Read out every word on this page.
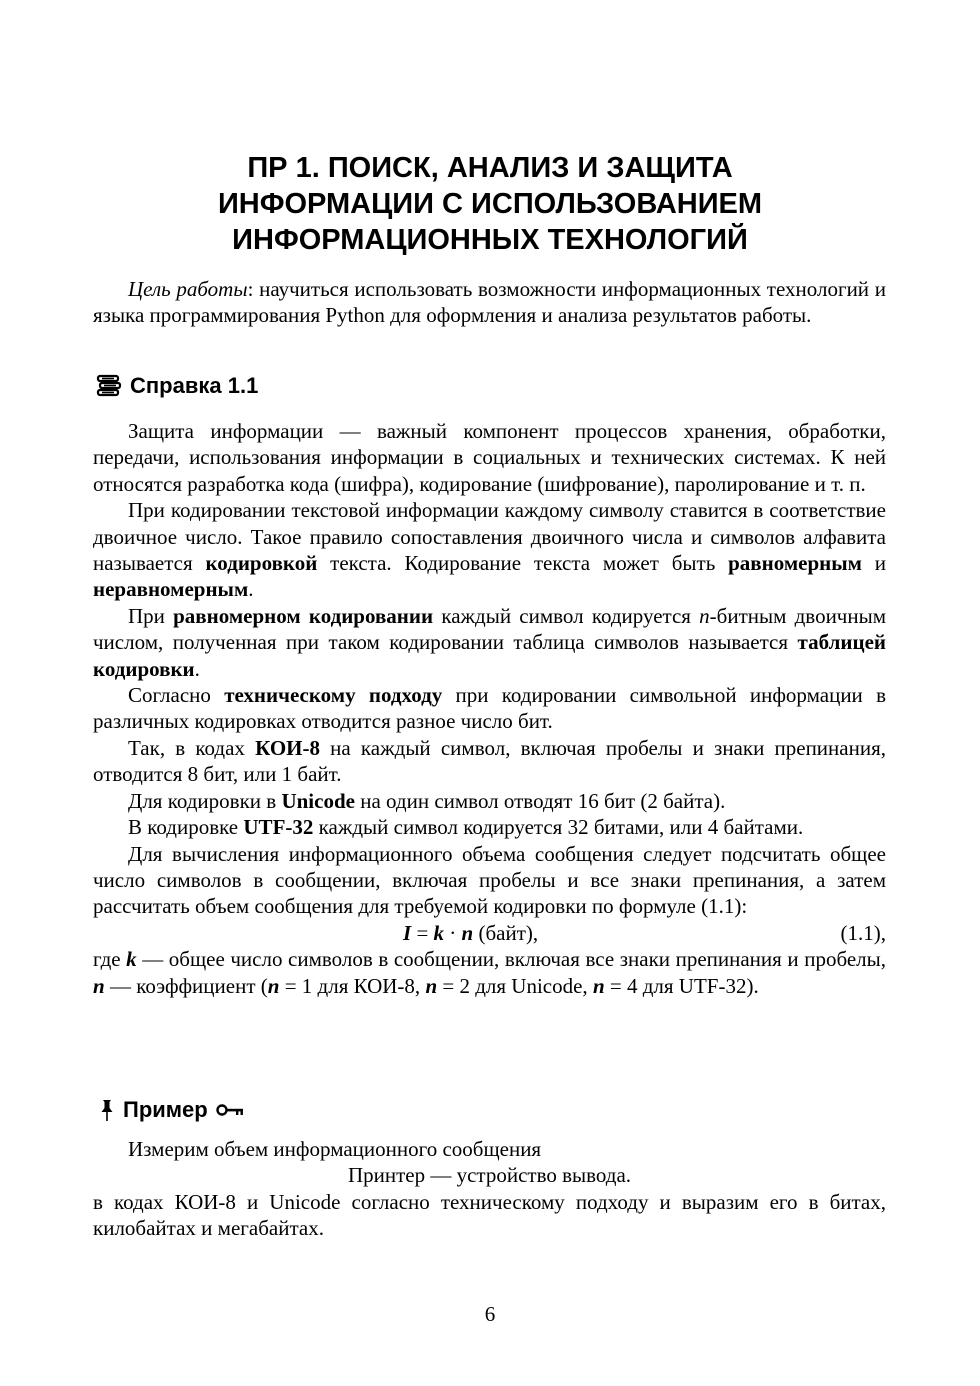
ПР 1. ПОИСК, АНАЛИЗ И ЗАЩИТА
ИНФОРМАЦИИ С ИСПОЛЬЗОВАНИЕМ
ИНФОРМАЦИОННЫХ ТЕХНОЛОГИЙ

Цель работы: научиться использовать возможности информационных технологий и языка программирования Python для оформления и анализа результатов работы.

Справка 1.1

Защита информации — важный компонент процессов хранения, обработки, передачи, использования информации в социальных и технических системах. К ней относятся разработка кода (шифра), кодирование (шифрование), паролирование и т. п.

При кодировании текстовой информации каждому символу ставится в соответствие двоичное число. Такое правило сопоставления двоичного числа и символов алфавита называется кодировкой текста. Кодирование текста может быть равномерным и неравномерным.

При равномерном кодировании каждый символ кодируется n-битным двоичным числом, полученная при таком кодировании таблица символов называется таблицей кодировки.

Согласно техническому подходу при кодировании символьной информации в различных кодировках отводится разное число бит.

Так, в кодах КОИ-8 на каждый символ, включая пробелы и знаки препинания, отводится 8 бит, или 1 байт.

Для кодировки в Unicode на один символ отводят 16 бит (2 байта).

В кодировке UTF-32 каждый символ кодируется 32 битами, или 4 байтами.

Для вычисления информационного объема сообщения следует подсчитать общее число символов в сообщении, включая пробелы и все знаки препинания, а затем рассчитать объем сообщения для требуемой кодировки по формуле (1.1):

I = k · n (байт),	(1.1),

где k — общее число символов в сообщении, включая все знаки препинания и пробелы, n — коэффициент (n = 1 для КОИ-8, n = 2 для Unicode, n = 4 для UTF-32).

Пример

Измерим объем информационного сообщения

Принтер — устройство вывода.

в кодах КОИ-8 и Unicode согласно техническому подходу и выразим его в битах, килобайтах и мегабайтах.

6
